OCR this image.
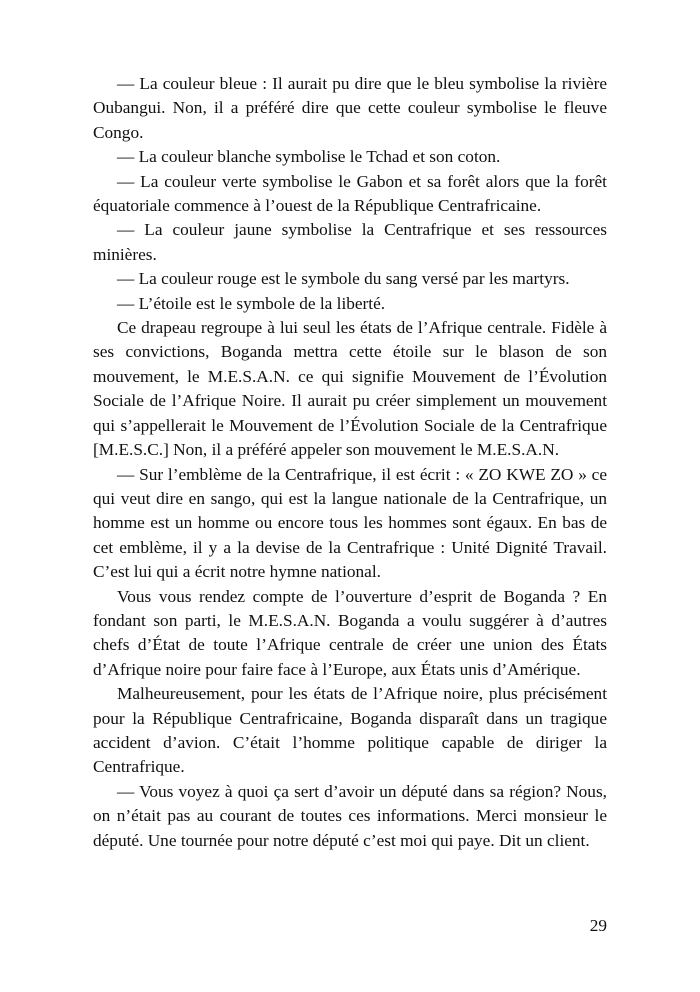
— La couleur bleue : Il aurait pu dire que le bleu symbolise la rivière Oubangui. Non, il a préféré dire que cette couleur symbolise le fleuve Congo.

— La couleur blanche symbolise le Tchad et son coton.

— La couleur verte symbolise le Gabon et sa forêt alors que la forêt équatoriale commence à l’ouest de la République Centrafricaine.

— La couleur jaune symbolise la Centrafrique et ses ressources minières.

— La couleur rouge est le symbole du sang versé par les martyrs.

— L’étoile est le symbole de la liberté.

Ce drapeau regroupe à lui seul les états de l’Afrique centrale. Fidèle à ses convictions, Boganda mettra cette étoile sur le blason de son mouvement, le M.E.S.A.N. ce qui signifie Mouvement de l’Évolution Sociale de l’Afrique Noire. Il aurait pu créer simplement un mouvement qui s’appellerait le Mouvement de l’Évolution Sociale de la Centrafrique [M.E.S.C.] Non, il a préféré appeler son mouvement le M.E.S.A.N.

— Sur l’emblème de la Centrafrique, il est écrit : « ZO KWE ZO » ce qui veut dire en sango, qui est la langue nationale de la Centrafrique, un homme est un homme ou encore tous les hommes sont égaux. En bas de cet emblème, il y a la devise de la Centrafrique : Unité Dignité Travail. C’est lui qui a écrit notre hymne national.

Vous vous rendez compte de l’ouverture d’esprit de Boganda ? En fondant son parti, le M.E.S.A.N. Boganda a voulu suggérer à d’autres chefs d’État de toute l’Afrique centrale de créer une union des États d’Afrique noire pour faire face à l’Europe, aux États unis d’Amérique.

Malheureusement, pour les états de l’Afrique noire, plus précisément pour la République Centrafricaine, Boganda disparaît dans un tragique accident d’avion. C’était l’homme politique capable de diriger la Centrafrique.

— Vous voyez à quoi ça sert d’avoir un député dans sa région? Nous, on n’était pas au courant de toutes ces informations. Merci monsieur le député. Une tournée pour notre député c’est moi qui paye. Dit un client.

29
